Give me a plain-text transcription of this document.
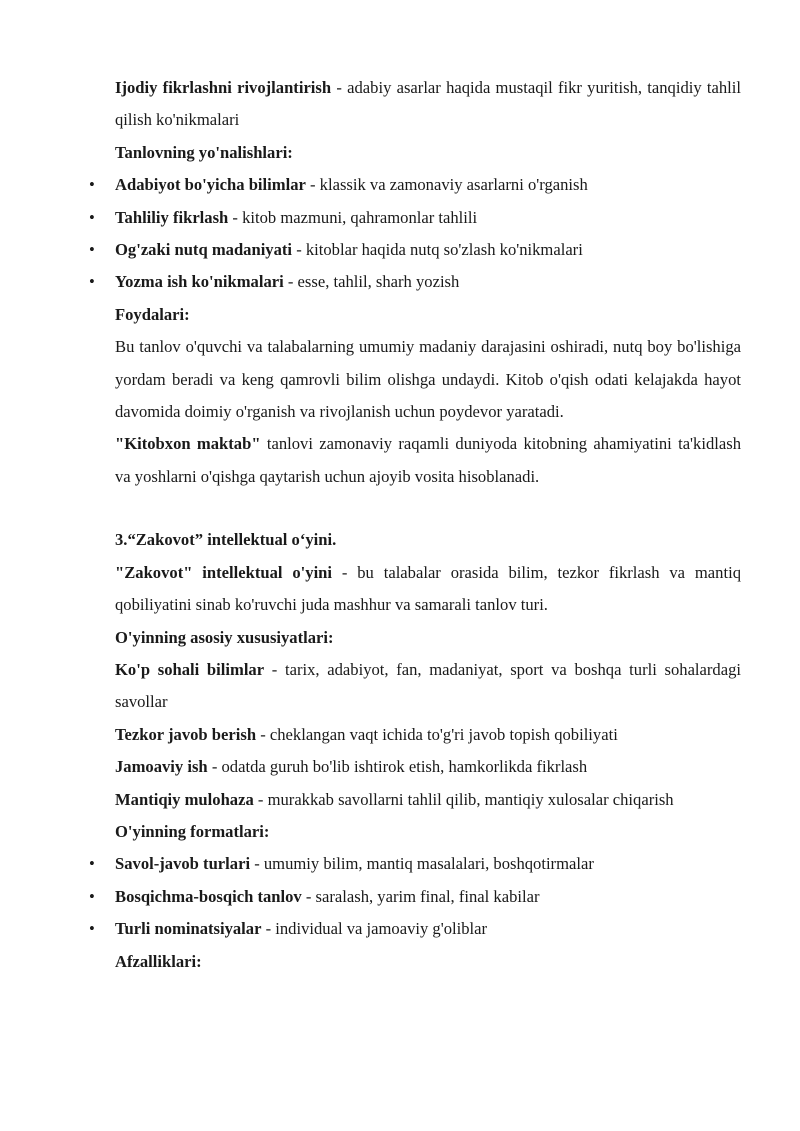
Ijodiy fikrlashni rivojlantirish - adabiy asarlar haqida mustaqil fikr yuritish, tanqidiy tahlil qilish ko'nikmalari

Tanlovning yo'nalishlari:

• Adabiyot bo'yicha bilimlar - klassik va zamonaviy asarlarni o'rganish

• Tahliliy fikrlash - kitob mazmuni, qahramonlar tahlili

• Og'zaki nutq madaniyati - kitoblar haqida nutq so'zlash ko'nikmalari

• Yozma ish ko'nikmalari - esse, tahlil, sharh yozish

Foydalari:

Bu tanlov o'quvchi va talabalarning umumiy madaniy darajasini oshiradi, nutq boy bo'lishiga yordam beradi va keng qamrovli bilim olishga undaydi. Kitob o'qish odati kelajakda hayot davomida doimiy o'rganish va rivojlanish uchun poydevor yaratadi.

"Kitobxon maktab" tanlovi zamonaviy raqamli duniyoda kitobning ahamiyatini ta'kidlash va yoshlarni o'qishga qaytarish uchun ajoyib vosita hisoblanadi.

3.“Zakovot” intellektual o‘yini.

"Zakovot" intellektual o'yini - bu talabalar orasida bilim, tezkor fikrlash va mantiq qobiliyatini sinab ko'ruvchi juda mashhur va samarali tanlov turi.

O'yinning asosiy xususiyatlari:

Ko'p sohali bilimlar - tarix, adabiyot, fan, madaniyat, sport va boshqa turli sohalardagi savollar

Tezkor javob berish - cheklangan vaqt ichida to'g'ri javob topish qobiliyati

Jamoaviy ish - odatda guruh bo'lib ishtirok etish, hamkorlikda fikrlash

Mantiqiy mulohaza - murakkab savollarni tahlil qilib, mantiqiy xulosalar chiqarish

O'yinning formatlari:

• Savol-javob turlari - umumiy bilim, mantiq masalalari, boshqotirmalar

• Bosqichma-bosqich tanlov - saralash, yarim final, final kabilar

• Turli nominatsiyalar - individual va jamoaviy g'oliblar

Afzalliklari:
